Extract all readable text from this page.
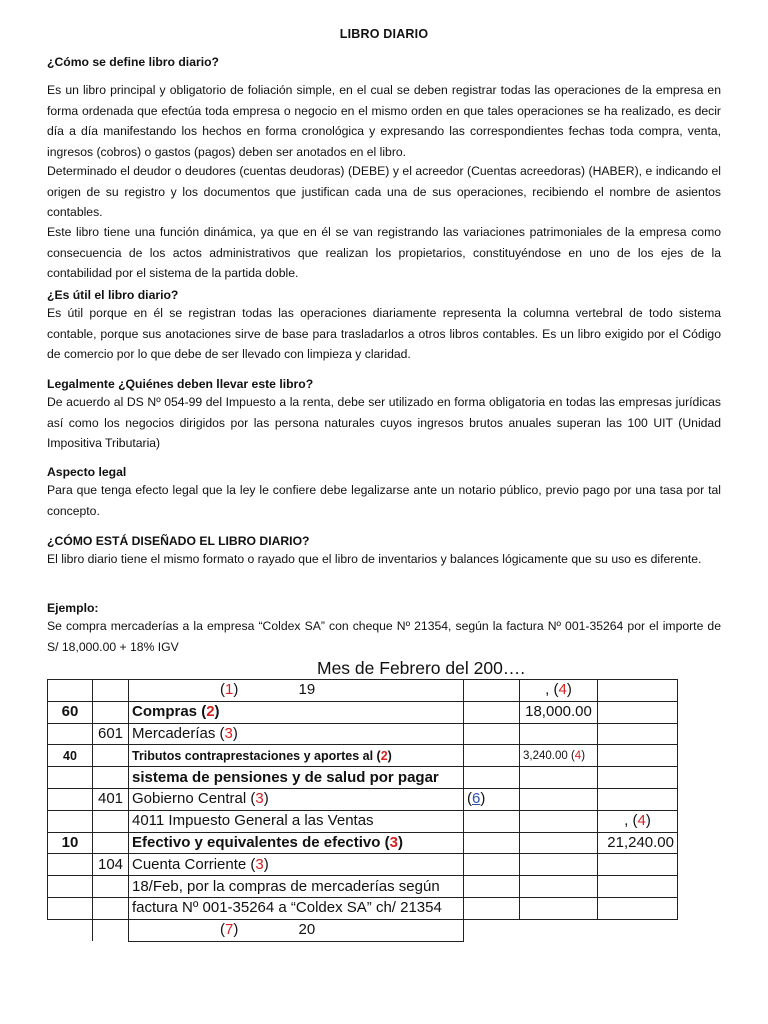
LIBRO DIARIO

¿Cómo se define libro diario?

Es un libro principal y obligatorio de foliación simple, en el cual se deben registrar todas las operaciones de la empresa en forma ordenada que efectúa toda empresa o negocio en el mismo orden en que tales operaciones se ha realizado, es decir día a día manifestando los hechos en forma cronológica y expresando las correspondientes fechas toda compra, venta, ingresos (cobros) o gastos (pagos) deben ser anotados en el libro.

Determinado el deudor o deudores (cuentas deudoras) (DEBE) y el acreedor (Cuentas acreedoras) (HABER), e indicando el origen de su registro y los documentos que justifican cada una de sus operaciones, recibiendo el nombre de asientos contables.

Este libro tiene una función dinámica, ya que en él se van registrando las variaciones patrimoniales de la empresa como consecuencia de los actos administrativos que realizan los propietarios, constituyéndose en uno de los ejes de la contabilidad por el sistema de la partida doble.

¿Es útil el libro diario?

Es útil porque en él se registran todas las operaciones diariamente representa la columna vertebral de todo sistema contable, porque sus anotaciones sirve de base para trasladarlos a otros libros contables. Es un libro exigido por el Código de comercio por lo que debe de ser llevado con limpieza y claridad.

Legalmente ¿Quiénes deben llevar este libro?

De acuerdo al DS Nº 054-99 del Impuesto a la renta, debe ser utilizado en forma obligatoria en todas las empresas jurídicas así como los negocios dirigidos por las persona naturales cuyos ingresos brutos anuales superan las 100 UIT (Unidad Impositiva Tributaria)

Aspecto legal

Para que tenga efecto legal que la ley le confiere debe legalizarse ante un notario público, previo pago por una tasa por tal concepto.

¿CÓMO ESTÁ DISEÑADO EL LIBRO DIARIO?

El libro diario tiene el mismo formato o rayado que el libro de inventarios y balances lógicamente que su uso es diferente.

Ejemplo:

Se compra mercaderías a la empresa “Coldex SA” con cheque Nº 21354, según la factura Nº 001-35264 por el importe de S/ 18,000.00 + 18% IGV

Mes de Febrero del 200….
		(1) 19		, (4)	
60		Compras (2)		18,000.00	
	601	Mercaderías (3)			
40		Tributos contraprestaciones y aportes al (2)		3,240.00 (4)	
		sistema de pensiones y de salud por pagar			
	401	Gobierno Central (3)	(6)		
		4011 Impuesto General a las Ventas			, (4)
10		Efectivo y equivalentes de efectivo (3)			21,240.00
	104	Cuenta Corriente (3)			
		18/Feb, por la compras de mercaderías según			
		factura Nº 001-35264 a “Coldex SA” ch/ 21354			
		(7) 20			
